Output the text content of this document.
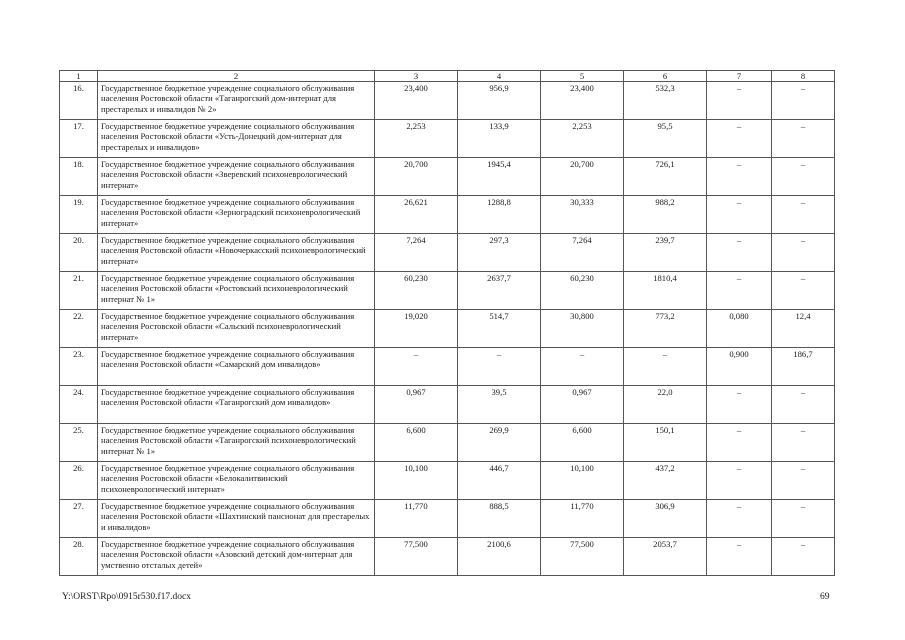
1	2	3	4	5	6	7	8
16.	Государственное бюджетное учреждение социального обслуживания населения Ростовской области «Таганрогский дом-интернат для престарелых и инвалидов № 2»	23,400	956,9	23,400	532,3	–	–
17.	Государственное бюджетное учреждение социального обслуживания населения Ростовской области «Усть-Донецкий дом-интернат для престарелых и инвалидов»	2,253	133,9	2,253	95,5	–	–
18.	Государственное бюджетное учреждение социального обслуживания населения Ростовской области «Зверевский психоневрологический интернат»	20,700	1945,4	20,700	726,1	–	–
19.	Государственное бюджетное учреждение социального обслуживания населения Ростовской области «Зерноградский психоневрологический интернат»	26,621	1288,8	30,333	988,2	–	–
20.	Государственное бюджетное учреждение социального обслуживания населения Ростовской области «Новочеркасский психоневрологический интернат»	7,264	297,3	7,264	239,7	–	–
21.	Государственное бюджетное учреждение социального обслуживания населения Ростовской области «Ростовский психоневрологический интернат № 1»	60,230	2637,7	60,230	1810,4	–	–
22.	Государственное бюджетное учреждение социального обслуживания населения Ростовской области «Сальский психоневрологический интернат»	19,020	514,7	30,800	773,2	0,080	12,4
23.	Государственное бюджетное учреждение социального обслуживания населения Ростовской области «Самарский дом инвалидов»	–	–	–	–	0,900	186,7
24.	Государственное бюджетное учреждение социального обслуживания населения Ростовской области «Таганрогский дом инвалидов»	0,967	39,5	0,967	22,0	–	–
25.	Государственное бюджетное учреждение социального обслуживания населения Ростовской области «Таганрогский психоневрологический интернат № 1»	6,600	269,9	6,600	150,1	–	–
26.	Государственное бюджетное учреждение социального обслуживания населения Ростовской области «Белокалитвинский психоневрологический интернат»	10,100	446,7	10,100	437,2	–	–
27.	Государственное бюджетное учреждение социального обслуживания населения Ростовской области «Шахтинский пансионат для престарелых и инвалидов»	11,770	888,5	11,770	306,9	–	–
28.	Государственное бюджетное учреждение социального обслуживания населения Ростовской области «Азовский детский дом-интернат для умственно отсталых детей»	77,500	2100,6	77,500	2053,7	–	–
Y:\ORST\Rpo\0915r530.f17.docx	69
